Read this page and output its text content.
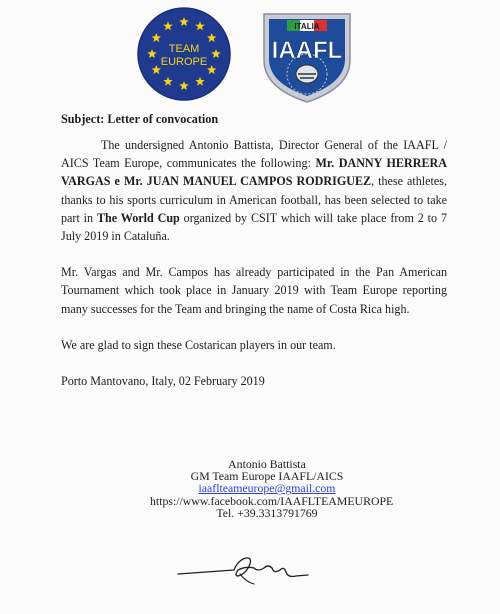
TEAM
EUROPE
ITALIA
IAAFL
Subject: Letter of convocation

The undersigned Antonio Battista, Director General of the IAAFL / AICS Team Europe, communicates the following: Mr. DANNY HERRERA VARGAS e Mr. JUAN MANUEL CAMPOS RODRIGUEZ, these athletes, thanks to his sports curriculum in American football, has been selected to take part in The World Cup organized by CSIT which will take place from 2 to 7 July 2019 in Cataluña.

Mr. Vargas and Mr. Campos has already participated in the Pan American Tournament which took place in January 2019 with Team Europe reporting many successes for the Team and bringing the name of Costa Rica high.

We are glad to sign these Costarican players in our team.

Porto Mantovano, Italy, 02 February 2019

Antonio Battista
GM Team Europe IAAFL/AICS
iaaflteameurope@gmail.com
https://www.facebook.com/IAAFLTEAMEUROPE
Tel. +39.3313791769
